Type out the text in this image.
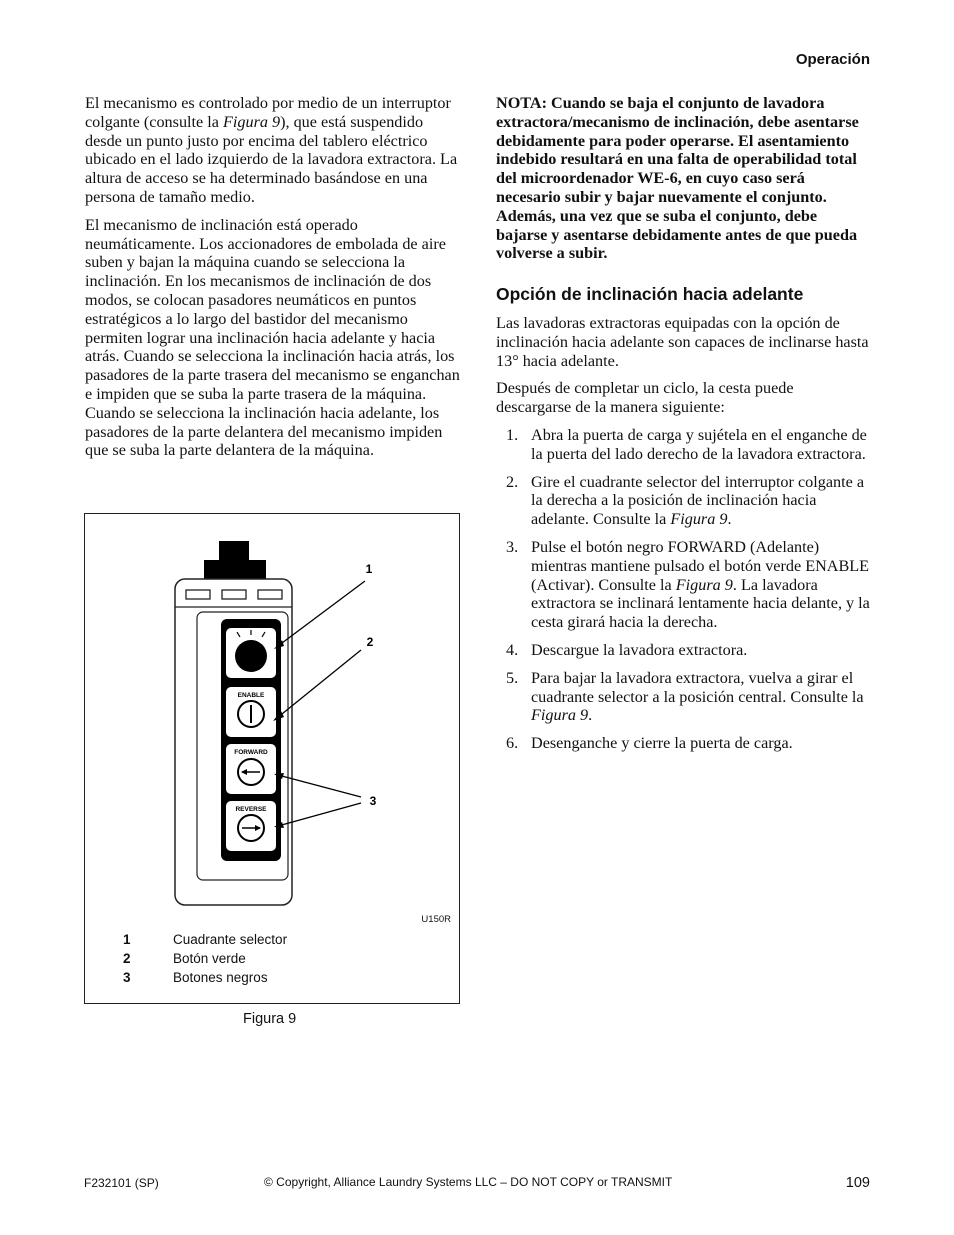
Operación

El mecanismo es controlado por medio de un interruptor colgante (consulte la Figura 9), que está suspendido desde un punto justo por encima del tablero eléctrico ubicado en el lado izquierdo de la lavadora extractora. La altura de acceso se ha determinado basándose en una persona de tamaño medio.

El mecanismo de inclinación está operado neumáticamente. Los accionadores de embolada de aire suben y bajan la máquina cuando se selecciona la inclinación. En los mecanismos de inclinación de dos modos, se colocan pasadores neumáticos en puntos estratégicos a lo largo del bastidor del mecanismo permiten lograr una inclinación hacia adelante y hacia atrás. Cuando se selecciona la inclinación hacia atrás, los pasadores de la parte trasera del mecanismo se enganchan e impiden que se suba la parte trasera de la máquina. Cuando se selecciona la inclinación hacia adelante, los pasadores de la parte delantera del mecanismo impiden que se suba la parte delantera de la máquina.

ENABLE
FORWARD
REVERSE
1
2
3
U150R
1	Cuadrante selector
2	Botón verde
3	Botones negros
Figura 9

NOTA: Cuando se baja el conjunto de lavadora extractora/mecanismo de inclinación, debe asentarse debidamente para poder operarse. El asentamiento indebido resultará en una falta de operabilidad total del microordenador WE-6, en cuyo caso será necesario subir y bajar nuevamente el conjunto. Además, una vez que se suba el conjunto, debe bajarse y asentarse debidamente antes de que pueda volverse a subir.

Opción de inclinación hacia adelante

Las lavadoras extractoras equipadas con la opción de inclinación hacia adelante son capaces de inclinarse hasta 13° hacia adelante.

Después de completar un ciclo, la cesta puede descargarse de la manera siguiente:

1. Abra la puerta de carga y sujétela en el enganche de la puerta del lado derecho de la lavadora extractora.
2. Gire el cuadrante selector del interruptor colgante a la derecha a la posición de inclinación hacia adelante. Consulte la Figura 9.
3. Pulse el botón negro FORWARD (Adelante) mientras mantiene pulsado el botón verde ENABLE (Activar). Consulte la Figura 9. La lavadora extractora se inclinará lentamente hacia delante, y la cesta girará hacia la derecha.
4. Descargue la lavadora extractora.
5. Para bajar la lavadora extractora, vuelva a girar el cuadrante selector a la posición central. Consulte la Figura 9.
6. Desenganche y cierre la puerta de carga.
F232101 (SP)	© Copyright, Alliance Laundry Systems LLC – DO NOT COPY or TRANSMIT	109
